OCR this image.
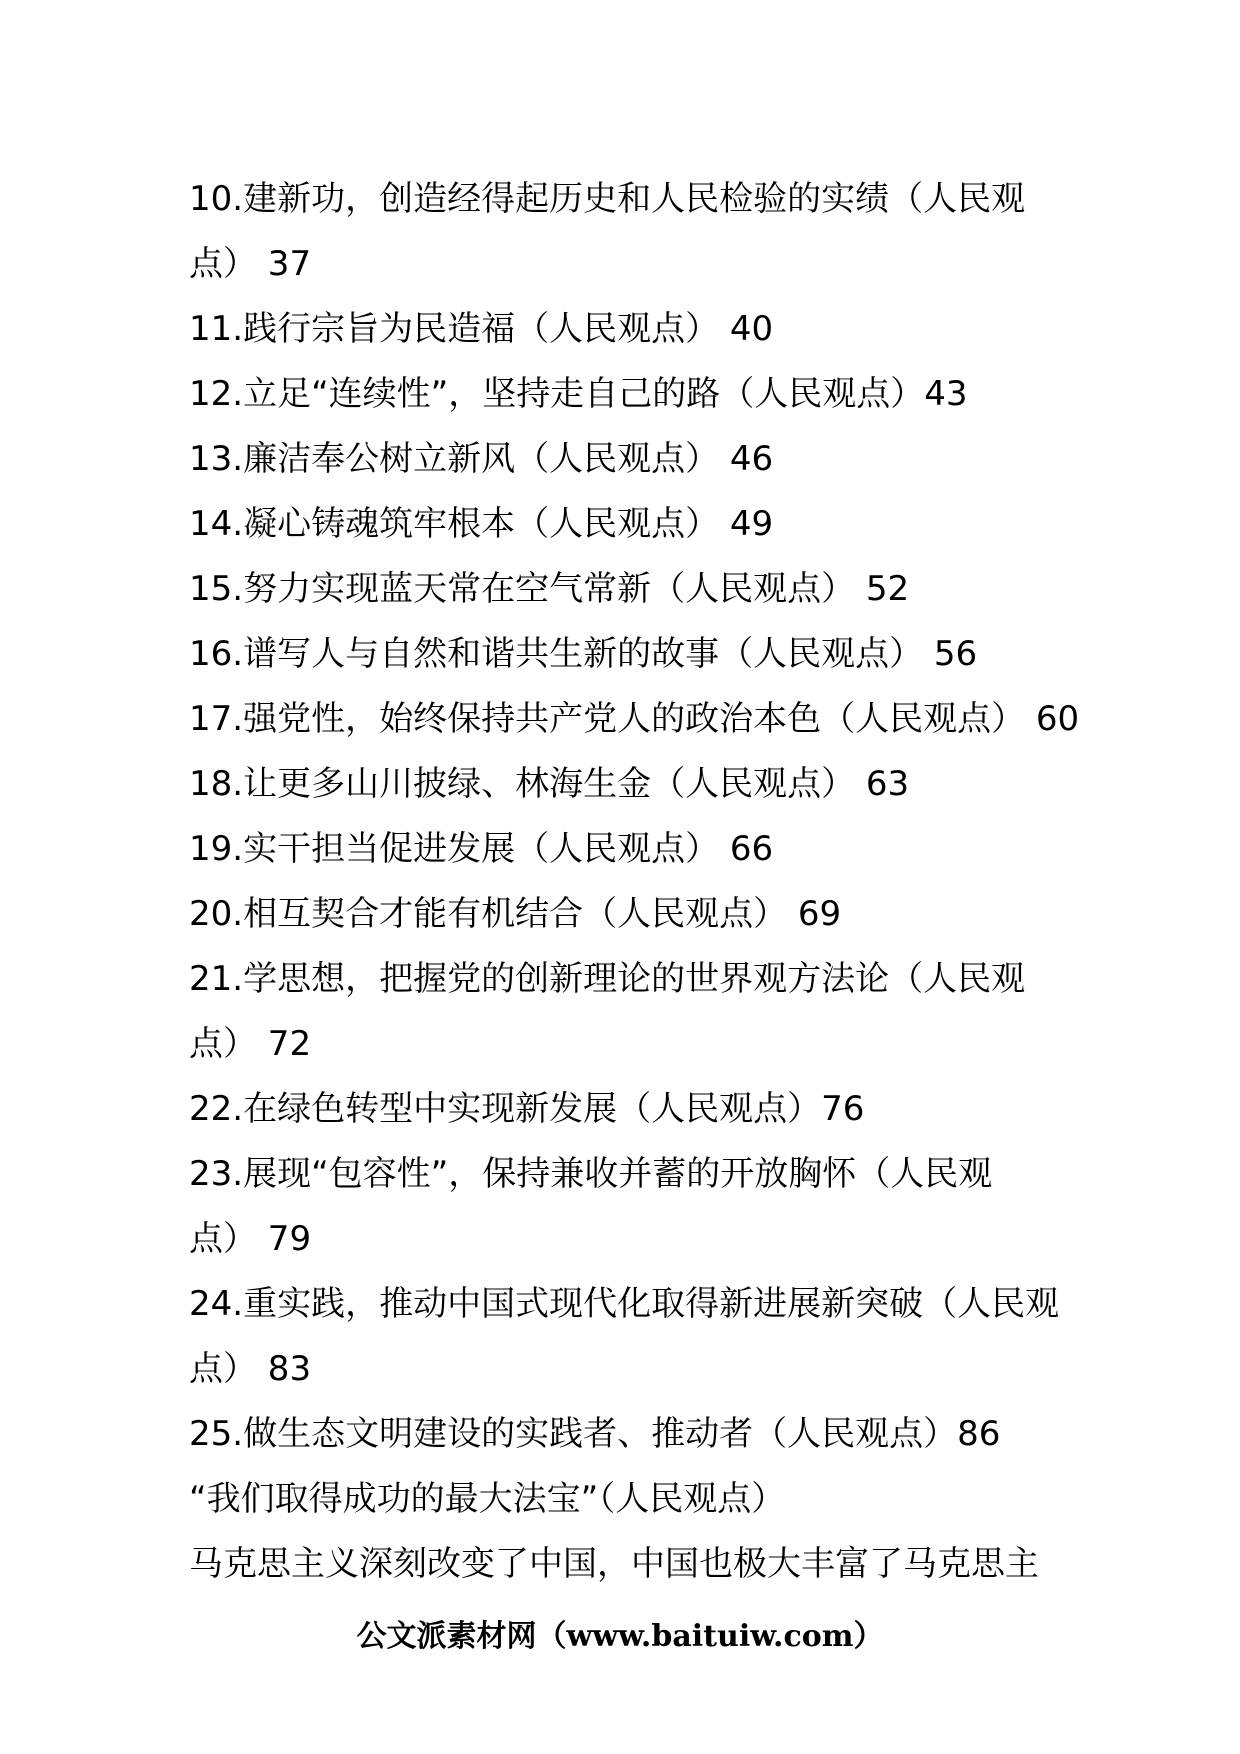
10.建新功，创造经得起历史和人民检验的实绩（人民观
点） 37
11.践行宗旨为民造福（人民观点） 40
12.立足“连续性”，坚持走自己的路（人民观点）43
13.廉洁奉公树立新风（人民观点） 46
14.凝心铸魂筑牢根本（人民观点） 49
15.努力实现蓝天常在空气常新（人民观点） 52
16.谱写人与自然和谐共生新的故事（人民观点） 56
17.强党性，始终保持共产党人的政治本色（人民观点） 60
18.让更多山川披绿、林海生金（人民观点） 63
19.实干担当促进发展（人民观点） 66
20.相互契合才能有机结合（人民观点） 69
21.学思想，把握党的创新理论的世界观方法论（人民观
点） 72
22.在绿色转型中实现新发展（人民观点）76
23.展现“包容性”，保持兼收并蓄的开放胸怀（人民观
点） 79
24.重实践，推动中国式现代化取得新进展新突破（人民观
点） 83
25.做生态文明建设的实践者、推动者（人民观点）86
“我们取得成功的最大法宝”（人民观点）
马克思主义深刻改变了中国，中国也极大丰富了马克思主
公文派素材网（www.baituiw.com）
